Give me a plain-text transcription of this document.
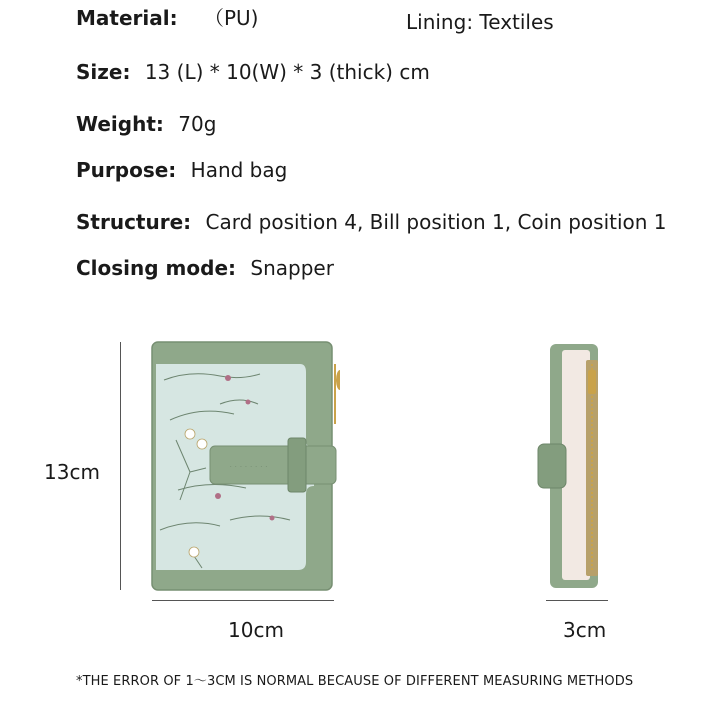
Material: （PU)	Lining: Textiles
Size: 13 (L) * 10(W) * 3 (thick) cm
Weight: 70g
Purpose: Hand bag
Structure: Card position 4, Bill position 1, Coin position 1
Closing mode: Snapper
13cm
10cm	3cm
· · · · · · · ·
*THE ERROR OF 1～3CM IS NORMAL BECAUSE OF DIFFERENT MEASURING METHODS
